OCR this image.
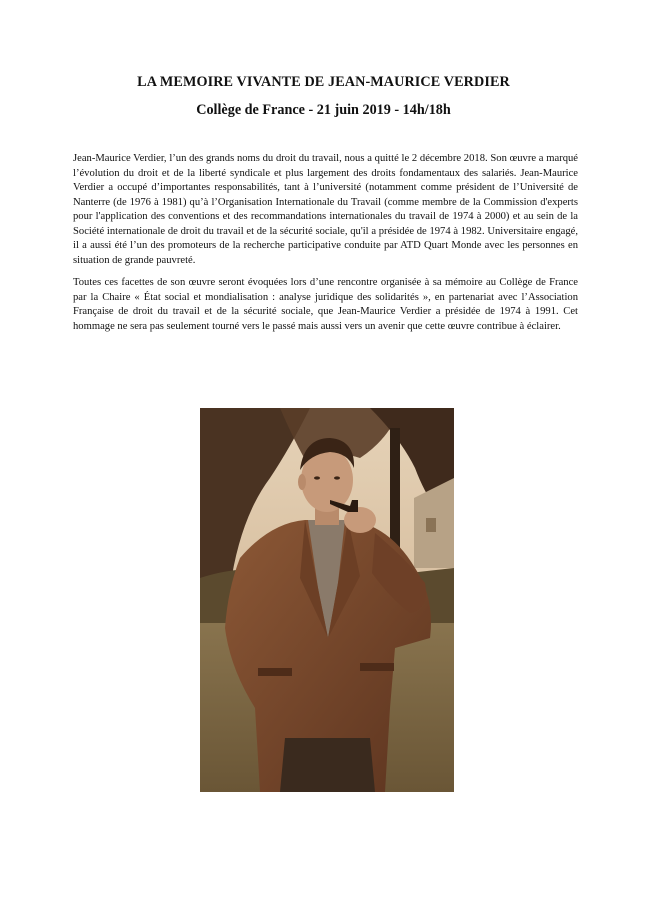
LA MEMOIRE VIVANTE DE JEAN-MAURICE VERDIER
Collège de France - 21 juin 2019 - 14h/18h

Jean-Maurice Verdier, l’un des grands noms du droit du travail, nous a quitté le 2 décembre 2018. Son œuvre a marqué l’évolution du droit et de la liberté syndicale et plus largement des droits fondamentaux des salariés. Jean-Maurice Verdier a occupé d’importantes responsabilités, tant à l’université (notamment comme président de l’Université de Nanterre (de 1976 à 1981) qu’à l’Organisation Internationale du Travail (comme membre de la Commission d'experts pour l'application des conventions et des recommandations internationales du travail de 1974 à 2000) et au sein de la Société internationale de droit du travail et de la sécurité sociale, qu'il a présidée de 1974 à 1982. Universitaire engagé, il a aussi été l’un des promoteurs de la recherche participative conduite par ATD Quart Monde avec les personnes en situation de grande pauvreté.

Toutes ces facettes de son œuvre seront évoquées lors d’une rencontre organisée à sa mémoire au Collège de France par la Chaire « État social et mondialisation : analyse juridique des solidarités », en partenariat avec l’Association Française de droit du travail et de la sécurité sociale, que Jean-Maurice Verdier a présidée de 1974 à 1991. Cet hommage ne sera pas seulement tourné vers le passé mais aussi vers un avenir que cette œuvre contribue à éclairer.
